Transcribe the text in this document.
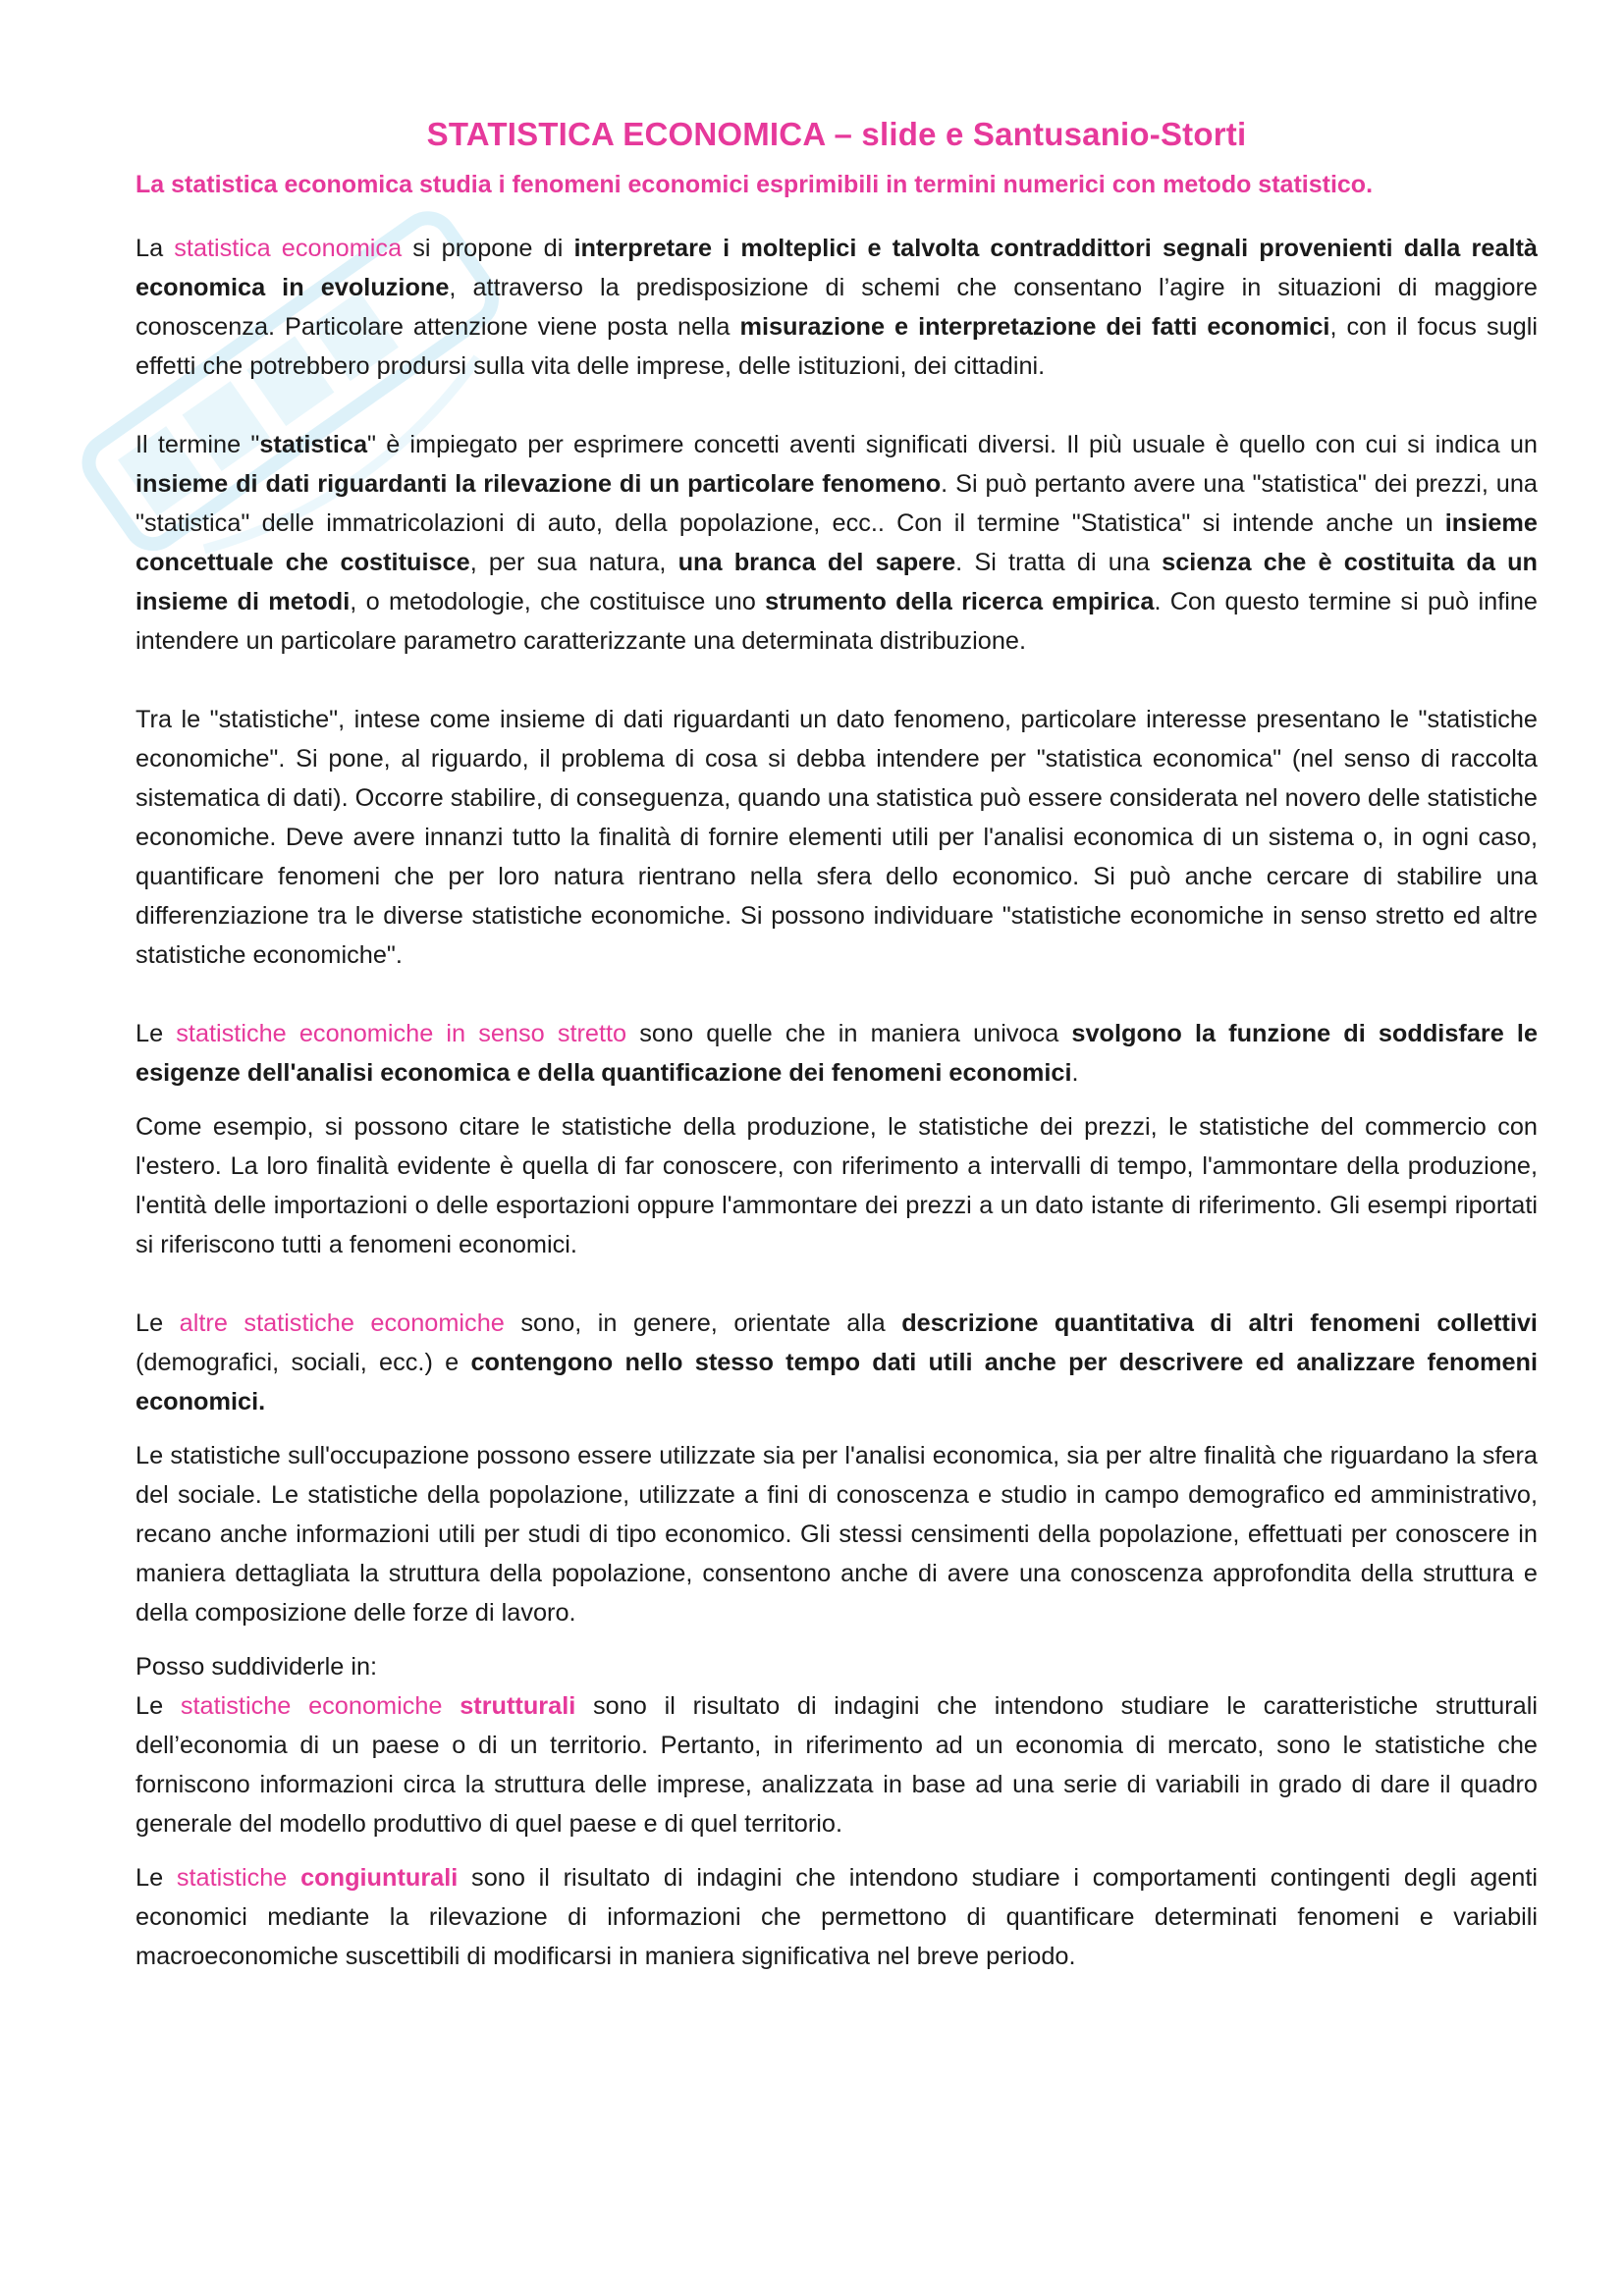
STATISTICA ECONOMICA – slide e Santusanio-Storti
La statistica economica studia i fenomeni economici esprimibili in termini numerici con metodo statistico.

La statistica economica si propone di interpretare i molteplici e talvolta contraddittori segnali provenienti dalla realtà economica in evoluzione, attraverso la predisposizione di schemi che consentano l’agire in situazioni di maggiore conoscenza. Particolare attenzione viene posta nella misurazione e interpretazione dei fatti economici, con il focus sugli effetti che potrebbero prodursi sulla vita delle imprese, delle istituzioni, dei cittadini.

Il termine "statistica" è impiegato per esprimere concetti aventi significati diversi. Il più usuale è quello con cui si indica un insieme di dati riguardanti la rilevazione di un particolare fenomeno. Si può pertanto avere una "statistica" dei prezzi, una "statistica" delle immatricolazioni di auto, della popolazione, ecc.. Con il termine "Statistica" si intende anche un insieme concettuale che costituisce, per sua natura, una branca del sapere. Si tratta di una scienza che è costituita da un insieme di metodi, o metodologie, che costituisce uno strumento della ricerca empirica. Con questo termine si può infine intendere un particolare parametro caratterizzante una determinata distribuzione.

Tra le "statistiche", intese come insieme di dati riguardanti un dato fenomeno, particolare interesse presentano le "statistiche economiche". Si pone, al riguardo, il problema di cosa si debba intendere per "statistica economica" (nel senso di raccolta sistematica di dati). Occorre stabilire, di conseguenza, quando una statistica può essere considerata nel novero delle statistiche economiche. Deve avere innanzi tutto la finalità di fornire elementi utili per l'analisi economica di un sistema o, in ogni caso, quantificare fenomeni che per loro natura rientrano nella sfera dello economico. Si può anche cercare di stabilire una differenziazione tra le diverse statistiche economiche. Si possono individuare "statistiche economiche in senso stretto ed altre statistiche economiche".

Le statistiche economiche in senso stretto sono quelle che in maniera univoca svolgono la funzione di soddisfare le esigenze dell'analisi economica e della quantificazione dei fenomeni economici.

Come esempio, si possono citare le statistiche della produzione, le statistiche dei prezzi, le statistiche del commercio con l'estero. La loro finalità evidente è quella di far conoscere, con riferimento a intervalli di tempo, l'ammontare della produzione, l'entità delle importazioni o delle esportazioni oppure l'ammontare dei prezzi a un dato istante di riferimento. Gli esempi riportati si riferiscono tutti a fenomeni economici.

Le altre statistiche economiche sono, in genere, orientate alla descrizione quantitativa di altri fenomeni collettivi (demografici, sociali, ecc.) e contengono nello stesso tempo dati utili anche per descrivere ed analizzare fenomeni economici.

Le statistiche sull'occupazione possono essere utilizzate sia per l'analisi economica, sia per altre finalità che riguardano la sfera del sociale. Le statistiche della popolazione, utilizzate a fini di conoscenza e studio in campo demografico ed amministrativo, recano anche informazioni utili per studi di tipo economico. Gli stessi censimenti della popolazione, effettuati per conoscere in maniera dettagliata la struttura della popolazione, consentono anche di avere una conoscenza approfondita della struttura e della composizione delle forze di lavoro.

Posso suddividerle in:

Le statistiche economiche strutturali sono il risultato di indagini che intendono studiare le caratteristiche strutturali dell’economia di un paese o di un territorio. Pertanto, in riferimento ad un economia di mercato, sono le statistiche che forniscono informazioni circa la struttura delle imprese, analizzata in base ad una serie di variabili in grado di dare il quadro generale del modello produttivo di quel paese e di quel territorio.

Le statistiche congiunturali sono il risultato di indagini che intendono studiare i comportamenti contingenti degli agenti economici mediante la rilevazione di informazioni che permettono di quantificare determinati fenomeni e variabili macroeconomiche suscettibili di modificarsi in maniera significativa nel breve periodo.
